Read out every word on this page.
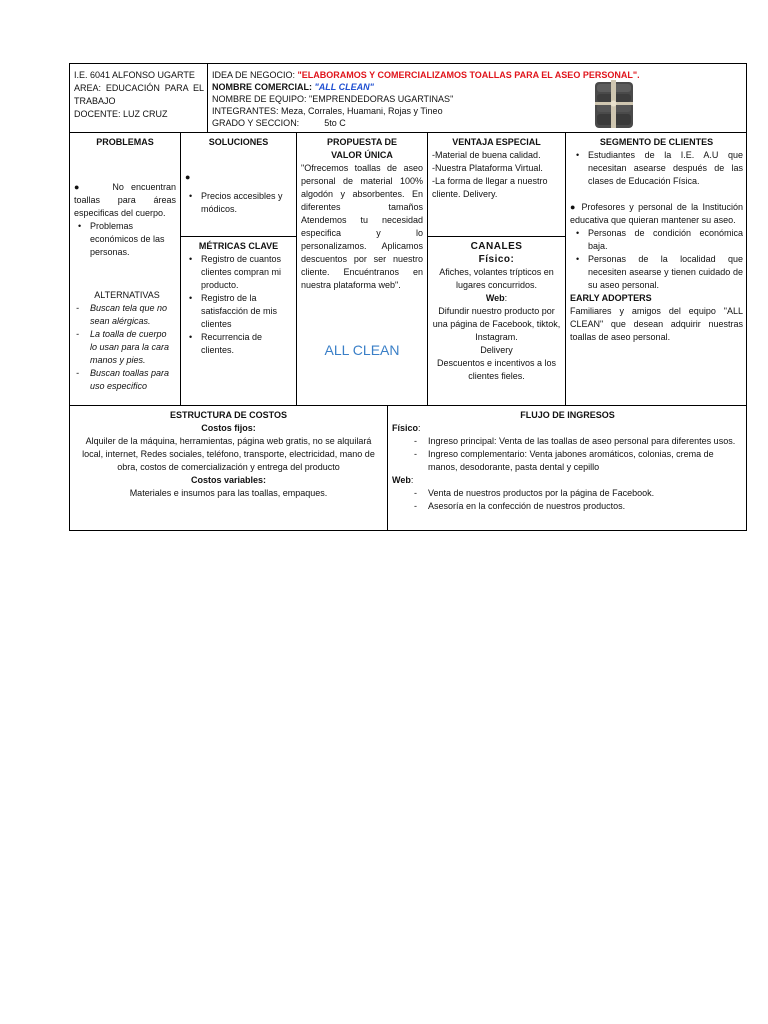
I.E. 6041 ALFONSO UGARTE

AREA: EDUCACIÓN PARA EL TRABAJO

DOCENTE: LUZ CRUZ

IDEA DE NEGOCIO: "ELABORAMOS Y COMERCIALIZAMOS TOALLAS PARA EL ASEO PERSONAL".

NOMBRE COMERCIAL: "ALL CLEAN"

NOMBRE DE EQUIPO: "EMPRENDEDORAS UGARTINAS"

INTEGRANTES: Meza, Corrales, Huamani, Rojas y Tineo

GRADO Y SECCION:	5to C

PROBLEMAS

●	No encuentran toallas para áreas especificas del cuerpo.

• Problemas económicos de las personas.

ALTERNATIVAS

- Buscan tela que no sean alérgicas.
- La toalla de cuerpo lo usan para la cara manos y pies.
- Buscan toallas para uso especifico
SOLUCIONES

●

• Precios accesibles y módicos.
MÉTRICAS CLAVE
• Registro de cuantos clientes compran mi producto.
• Registro de la satisfacción de mis clientes
• Recurrencia de clientes.
PROPUESTA DE VALOR ÚNICA

"Ofrecemos toallas de aseo personal de material 100% algodón y absorbentes. En diferentes tamaños Atendemos tu necesidad especifica y lo personalizamos. Aplicamos descuentos por ser nuestro cliente. Encuéntranos en nuestra plataforma web".

ALL CLEAN

VENTAJA ESPECIAL

-Material de buena calidad.

-Nuestra Plataforma Virtual.

-La forma de llegar a nuestro cliente. Delivery.

CANALES
Físico:

Afiches, volantes trípticos en lugares concurridos.

Web:

Difundir nuestro producto por una página de Facebook, tiktok, Instagram.

Delivery

Descuentos e incentivos a los clientes fieles.

SEGMENTO DE CLIENTES
• Estudiantes de la I.E. A.U que necesitan asearse después de las clases de Educación Física.

● Profesores y personal de la Institución educativa que quieran mantener su aseo.

• Personas de condición económica baja.
• Personas de la localidad que necesiten asearse y tienen cuidado de su aseo personal.

EARLY ADOPTERS

Familiares y amigos del equipo "ALL CLEAN" que desean adquirir nuestras toallas de aseo personal.

ESTRUCTURA DE COSTOS
Costos fijos:

Alquiler de la máquina, herramientas, página web gratis, no se alquilará local, internet, Redes sociales, teléfono, transporte, electricidad, mano de obra, costos de comercialización y entrega del producto

Costos variables:

Materiales e insumos para las toallas, empaques.

FLUJO DE INGRESOS

Físico:

- Ingreso principal: Venta de las toallas de aseo personal para diferentes usos.
- Ingreso complementario: Venta jabones aromáticos, colonias, crema de manos, desodorante, pasta dental y cepillo

Web:

- Venta de nuestros productos por la página de Facebook.
- Asesoría en la confección de nuestros productos.
